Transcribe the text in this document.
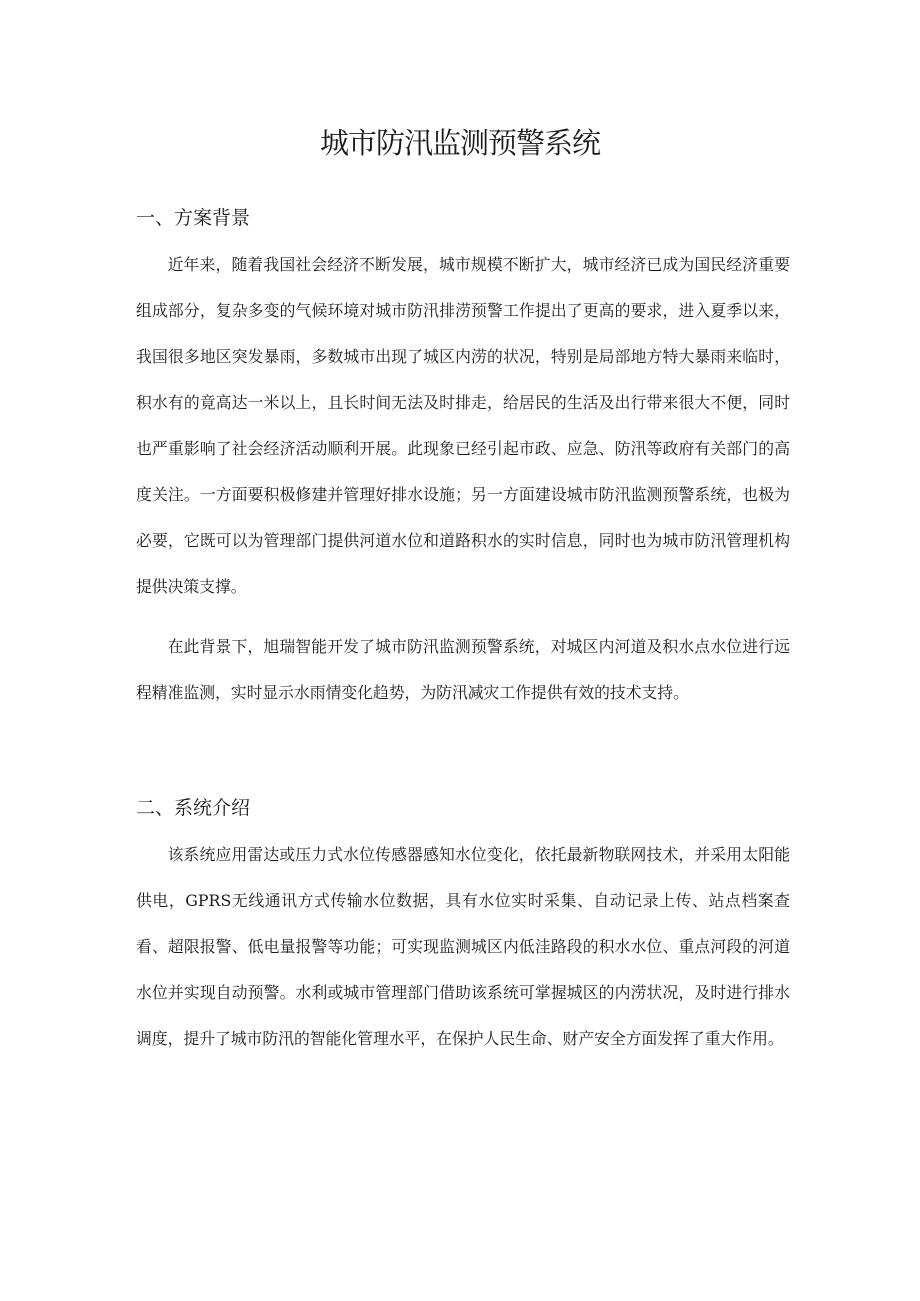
城市防汛监测预警系统
一、方案背景

近年来，随着我国社会经济不断发展，城市规模不断扩大，城市经济已成为国民经济重要组成部分，复杂多变的气候环境对城市防汛排涝预警工作提出了更高的要求，进入夏季以来，我国很多地区突发暴雨，多数城市出现了城区内涝的状况，特别是局部地方特大暴雨来临时，积水有的竟高达一米以上，且长时间无法及时排走，给居民的生活及出行带来很大不便，同时也严重影响了社会经济活动顺利开展。此现象已经引起市政、应急、防汛等政府有关部门的高度关注。一方面要积极修建并管理好排水设施；另一方面建设城市防汛监测预警系统，也极为必要，它既可以为管理部门提供河道水位和道路积水的实时信息，同时也为城市防汛管理机构提供决策支撑。

在此背景下，旭瑞智能开发了城市防汛监测预警系统，对城区内河道及积水点水位进行远程精准监测，实时显示水雨情变化趋势，为防汛减灾工作提供有效的技术支持。

二、系统介绍

该系统应用雷达或压力式水位传感器感知水位变化，依托最新物联网技术，并采用太阳能供电，GPRS无线通讯方式传输水位数据，具有水位实时采集、自动记录上传、站点档案查看、超限报警、低电量报警等功能；可实现监测城区内低洼路段的积水水位、重点河段的河道水位并实现自动预警。水利或城市管理部门借助该系统可掌握城区的内涝状况，及时进行排水调度，提升了城市防汛的智能化管理水平，在保护人民生命、财产安全方面发挥了重大作用。
